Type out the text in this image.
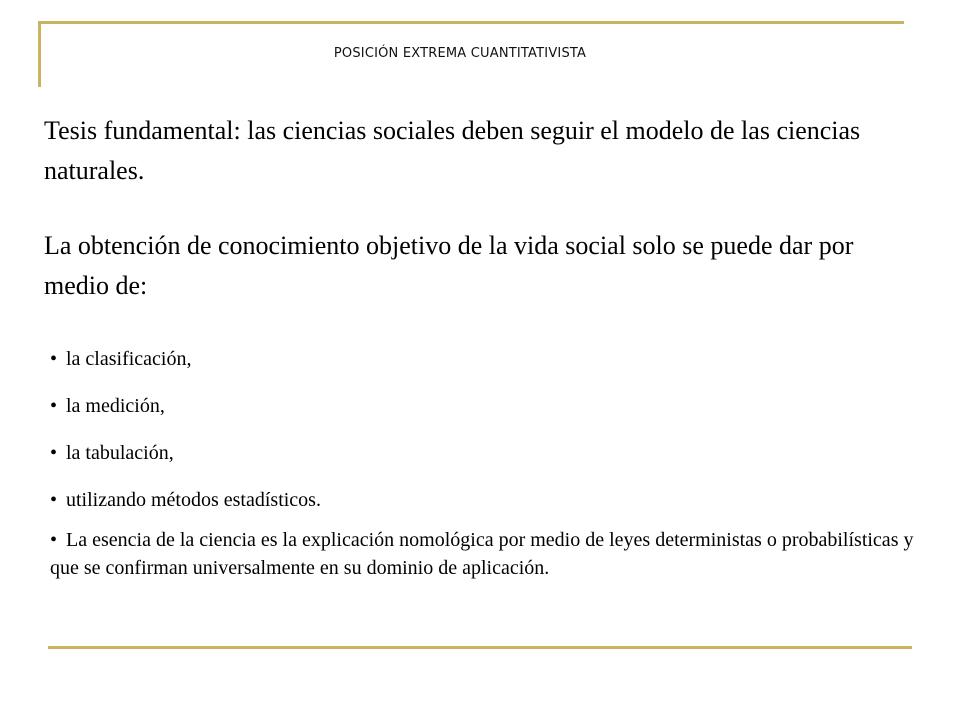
POSICIÓN EXTREMA CUANTITATIVISTA
Tesis fundamental: las ciencias sociales deben seguir el modelo de las ciencias naturales.
La obtención de conocimiento objetivo de la vida social solo se puede dar por medio de:
• la clasificación,
• la medición,
• la tabulación,
• utilizando métodos estadísticos.
• La esencia de la ciencia es la explicación nomológica por medio de leyes deterministas o probabilísticas y que se confirman universalmente en su dominio de aplicación.
